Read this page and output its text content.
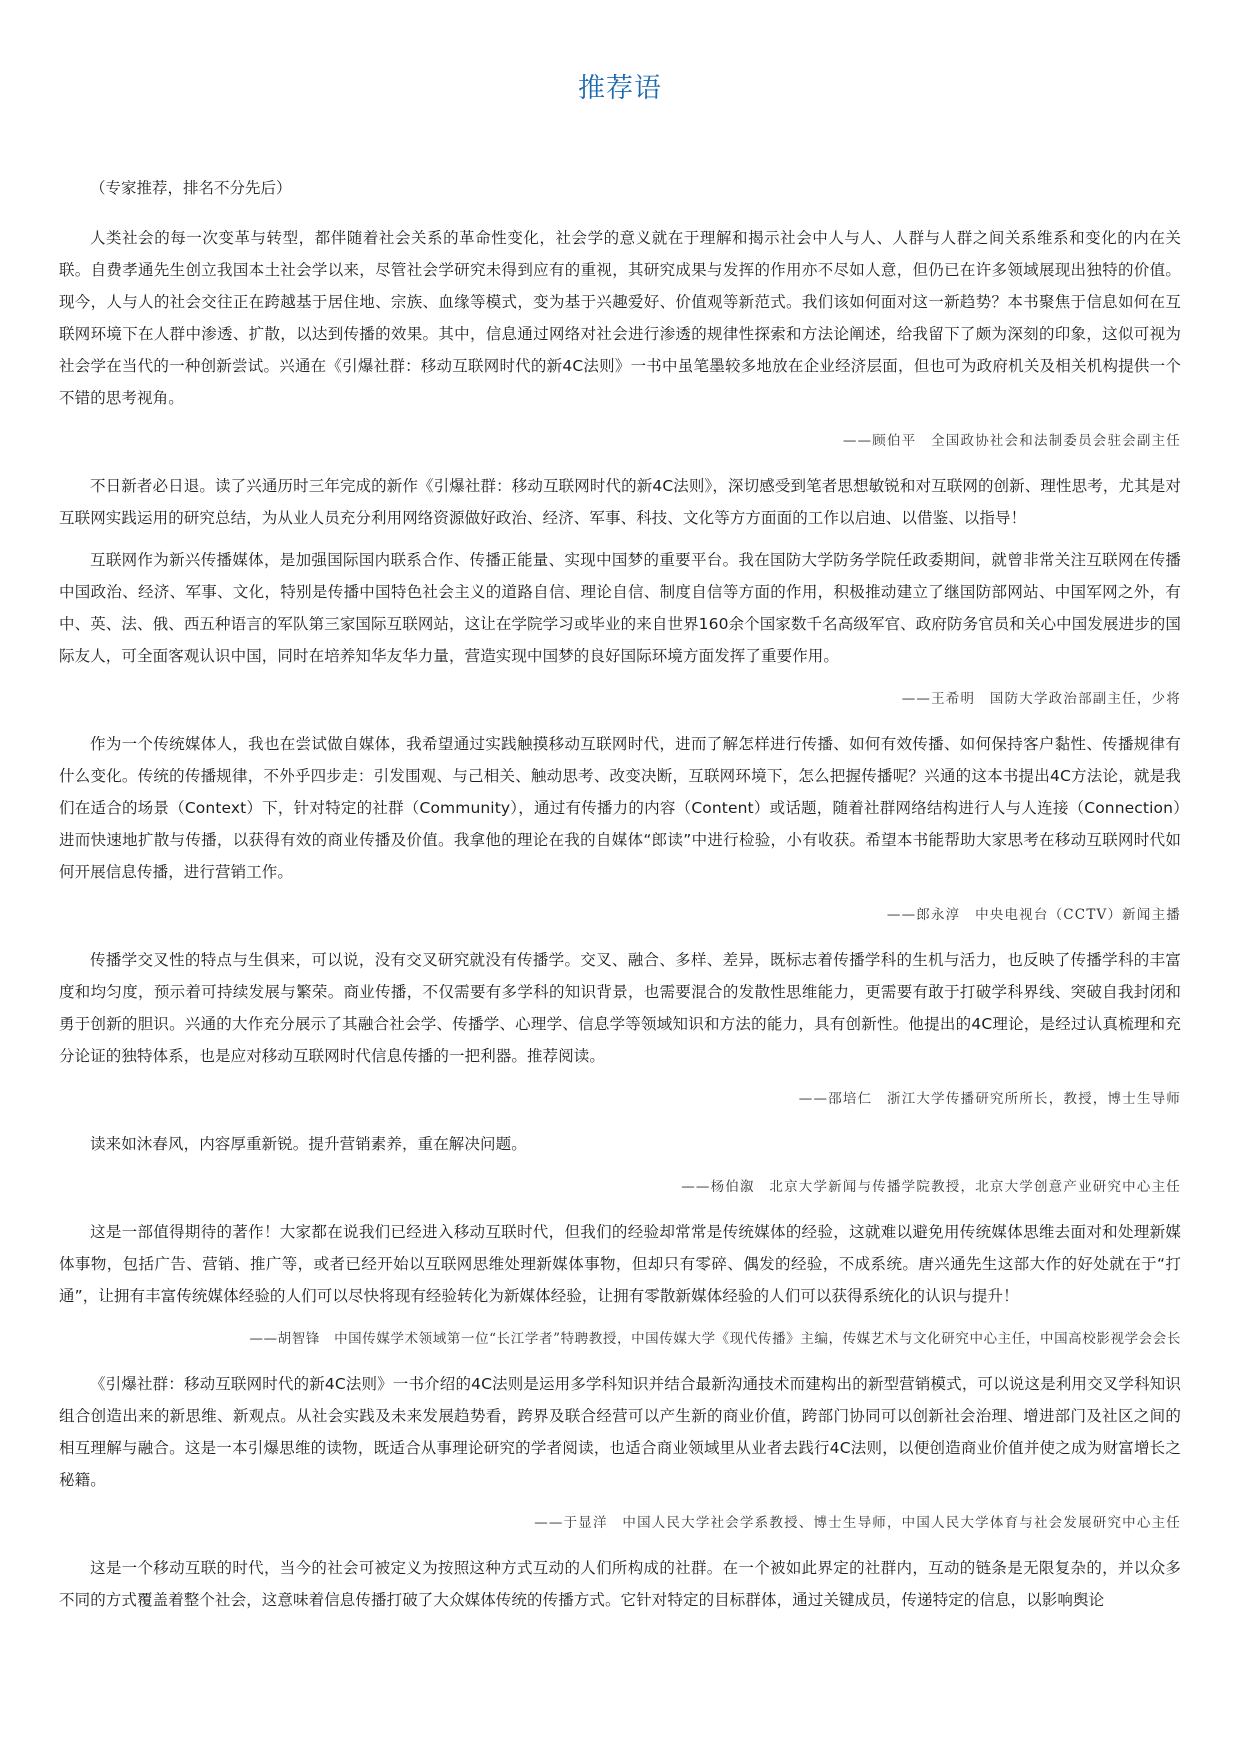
推荐语

（专家推荐，排名不分先后）

人类社会的每一次变革与转型，都伴随着社会关系的革命性变化，社会学的意义就在于理解和揭示社会中人与人、人群与人群之间关系维系和变化的内在关联。自费孝通先生创立我国本土社会学以来，尽管社会学研究未得到应有的重视，其研究成果与发挥的作用亦不尽如人意，但仍已在许多领域展现出独特的价值。现今，人与人的社会交往正在跨越基于居住地、宗族、血缘等模式，变为基于兴趣爱好、价值观等新范式。我们该如何面对这一新趋势？本书聚焦于信息如何在互联网环境下在人群中渗透、扩散，以达到传播的效果。其中，信息通过网络对社会进行渗透的规律性探索和方法论阐述，给我留下了颇为深刻的印象，这似可视为社会学在当代的一种创新尝试。兴通在《引爆社群：移动互联网时代的新4C法则》一书中虽笔墨较多地放在企业经济层面，但也可为政府机关及相关机构提供一个不错的思考视角。

——顾伯平　全国政协社会和法制委员会驻会副主任

不日新者必日退。读了兴通历时三年完成的新作《引爆社群：移动互联网时代的新4C法则》，深切感受到笔者思想敏锐和对互联网的创新、理性思考，尤其是对互联网实践运用的研究总结，为从业人员充分利用网络资源做好政治、经济、军事、科技、文化等方方面面的工作以启迪、以借鉴、以指导！

互联网作为新兴传播媒体，是加强国际国内联系合作、传播正能量、实现中国梦的重要平台。我在国防大学防务学院任政委期间，就曾非常关注互联网在传播中国政治、经济、军事、文化，特别是传播中国特色社会主义的道路自信、理论自信、制度自信等方面的作用，积极推动建立了继国防部网站、中国军网之外，有中、英、法、俄、西五种语言的军队第三家国际互联网站，这让在学院学习或毕业的来自世界160余个国家数千名高级军官、政府防务官员和关心中国发展进步的国际友人，可全面客观认识中国，同时在培养知华友华力量，营造实现中国梦的良好国际环境方面发挥了重要作用。

——王希明　国防大学政治部副主任，少将

作为一个传统媒体人，我也在尝试做自媒体，我希望通过实践触摸移动互联网时代，进而了解怎样进行传播、如何有效传播、如何保持客户黏性、传播规律有什么变化。传统的传播规律，不外乎四步走：引发围观、与己相关、触动思考、改变决断，互联网环境下，怎么把握传播呢？兴通的这本书提出4C方法论，就是我们在适合的场景（Context）下，针对特定的社群（Community），通过有传播力的内容（Content）或话题，随着社群网络结构进行人与人连接（Connection）进而快速地扩散与传播，以获得有效的商业传播及价值。我拿他的理论在我的自媒体“郎读”中进行检验，小有收获。希望本书能帮助大家思考在移动互联网时代如何开展信息传播，进行营销工作。

——郎永淳　中央电视台（CCTV）新闻主播

传播学交叉性的特点与生俱来，可以说，没有交叉研究就没有传播学。交叉、融合、多样、差异，既标志着传播学科的生机与活力，也反映了传播学科的丰富度和均匀度，预示着可持续发展与繁荣。商业传播，不仅需要有多学科的知识背景，也需要混合的发散性思维能力，更需要有敢于打破学科界线、突破自我封闭和勇于创新的胆识。兴通的大作充分展示了其融合社会学、传播学、心理学、信息学等领域知识和方法的能力，具有创新性。他提出的4C理论，是经过认真梳理和充分论证的独特体系，也是应对移动互联网时代信息传播的一把利器。推荐阅读。

——邵培仁　浙江大学传播研究所所长，教授，博士生导师

读来如沐春风，内容厚重新锐。提升营销素养，重在解决问题。

——杨伯溆　北京大学新闻与传播学院教授，北京大学创意产业研究中心主任

这是一部值得期待的著作！大家都在说我们已经进入移动互联时代，但我们的经验却常常是传统媒体的经验，这就难以避免用传统媒体思维去面对和处理新媒体事物，包括广告、营销、推广等，或者已经开始以互联网思维处理新媒体事物，但却只有零碎、偶发的经验，不成系统。唐兴通先生这部大作的好处就在于“打通”，让拥有丰富传统媒体经验的人们可以尽快将现有经验转化为新媒体经验，让拥有零散新媒体经验的人们可以获得系统化的认识与提升！

——胡智锋　中国传媒学术领域第一位“长江学者”特聘教授，中国传媒大学《现代传播》主编，传媒艺术与文化研究中心主任，中国高校影视学会会长

《引爆社群：移动互联网时代的新4C法则》一书介绍的4C法则是运用多学科知识并结合最新沟通技术而建构出的新型营销模式，可以说这是利用交叉学科知识组合创造出来的新思维、新观点。从社会实践及未来发展趋势看，跨界及联合经营可以产生新的商业价值，跨部门协同可以创新社会治理、增进部门及社区之间的相互理解与融合。这是一本引爆思维的读物，既适合从事理论研究的学者阅读，也适合商业领域里从业者去践行4C法则，以便创造商业价值并使之成为财富增长之秘籍。

——于显洋　中国人民大学社会学系教授、博士生导师，中国人民大学体育与社会发展研究中心主任

这是一个移动互联的时代，当今的社会可被定义为按照这种方式互动的人们所构成的社群。在一个被如此界定的社群内，互动的链条是无限复杂的，并以众多不同的方式覆盖着整个社会，这意味着信息传播打破了大众媒体传统的传播方式。它针对特定的目标群体，通过关键成员，传递特定的信息，以影响舆论
